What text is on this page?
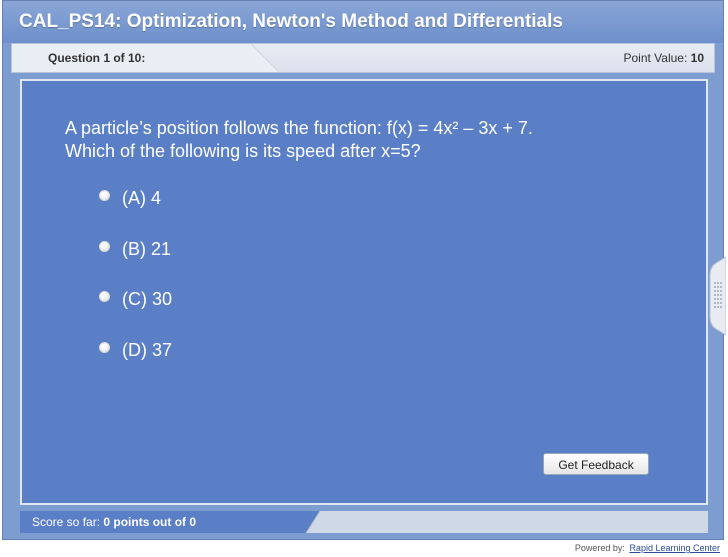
CAL_PS14: Optimization, Newton's Method and Differentials
Question 1 of 10:	Point Value: 10
A particle’s position follows the function: f(x) = 4x² – 3x + 7.
Which of the following is its speed after x=5?
(A) 4
(B) 21
(C) 30
(D) 37
Get Feedback
Score so far: 0 points out of 0
Powered by: Rapid Learning Center
